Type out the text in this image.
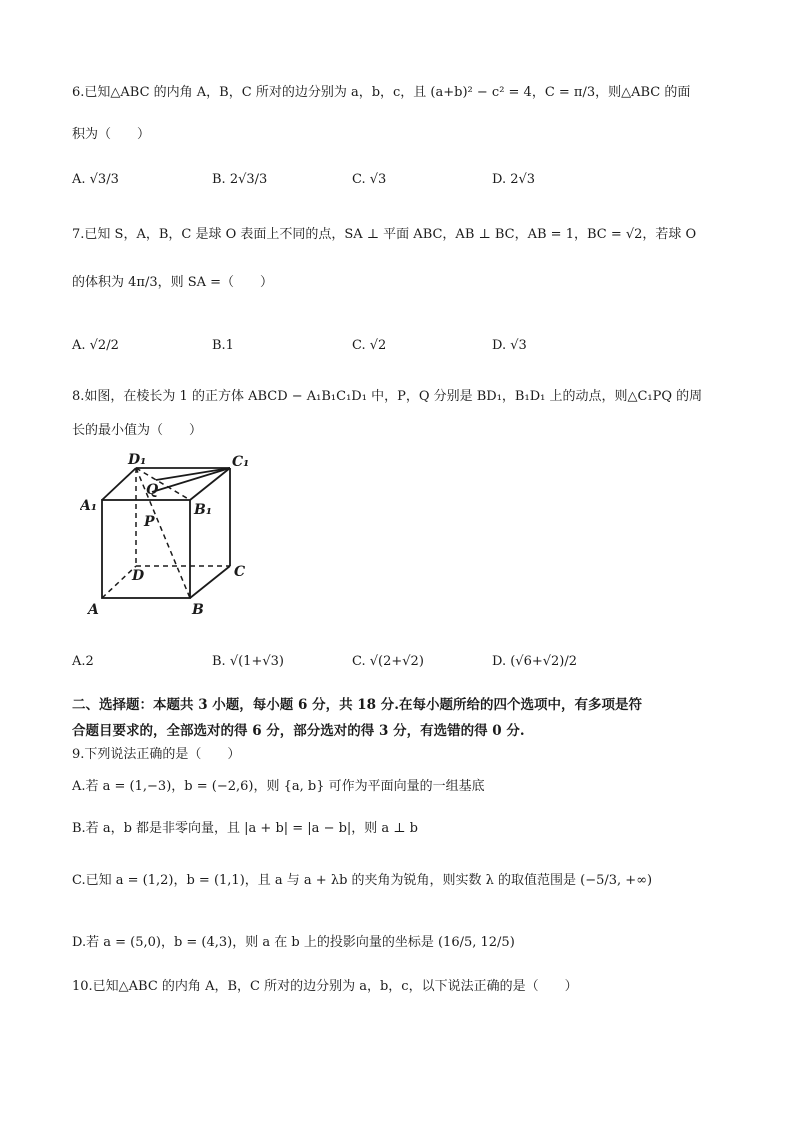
6.已知△ABC 的内角 A，B，C 所对的边分别为 a，b，c，且 (a+b)² − c² = 4，C = π/3，则△ABC 的面
积为（　　）
A. √3/3	B. 2√3/3	C. √3	D. 2√3
7.已知 S，A，B，C 是球 O 表面上不同的点，SA ⊥ 平面 ABC，AB ⊥ BC，AB = 1，BC = √2，若球 O
的体积为 4π/3，则 SA =（　　）
A. √2/2	B.1	C. √2	D. √3
8.如图，在棱长为 1 的正方体 ABCD − A₁B₁C₁D₁ 中，P，Q 分别是 BD₁，B₁D₁ 上的动点，则△C₁PQ 的周
长的最小值为（　　）
D₁	C₁
A₁	B₁
Q
P
D	C
A	B
A.2	B. √(1+√3)	C. √(2+√2)	D. (√6+√2)/2
二、选择题：本题共 3 小题，每小题 6 分，共 18 分.在每小题所给的四个选项中，有多项是符
合题目要求的，全部选对的得 6 分，部分选对的得 3 分，有选错的得 0 分.
9.下列说法正确的是（　　）
A.若 a = (1,−3)，b = (−2,6)，则 {a, b} 可作为平面向量的一组基底
B.若 a，b 都是非零向量，且 |a + b| = |a − b|，则 a ⊥ b
C.已知 a = (1,2)，b = (1,1)，且 a 与 a + λb 的夹角为锐角，则实数 λ 的取值范围是 (−5/3, +∞)
D.若 a = (5,0)，b = (4,3)，则 a 在 b 上的投影向量的坐标是 (16/5, 12/5)
10.已知△ABC 的内角 A，B，C 所对的边分别为 a，b，c，以下说法正确的是（　　）
